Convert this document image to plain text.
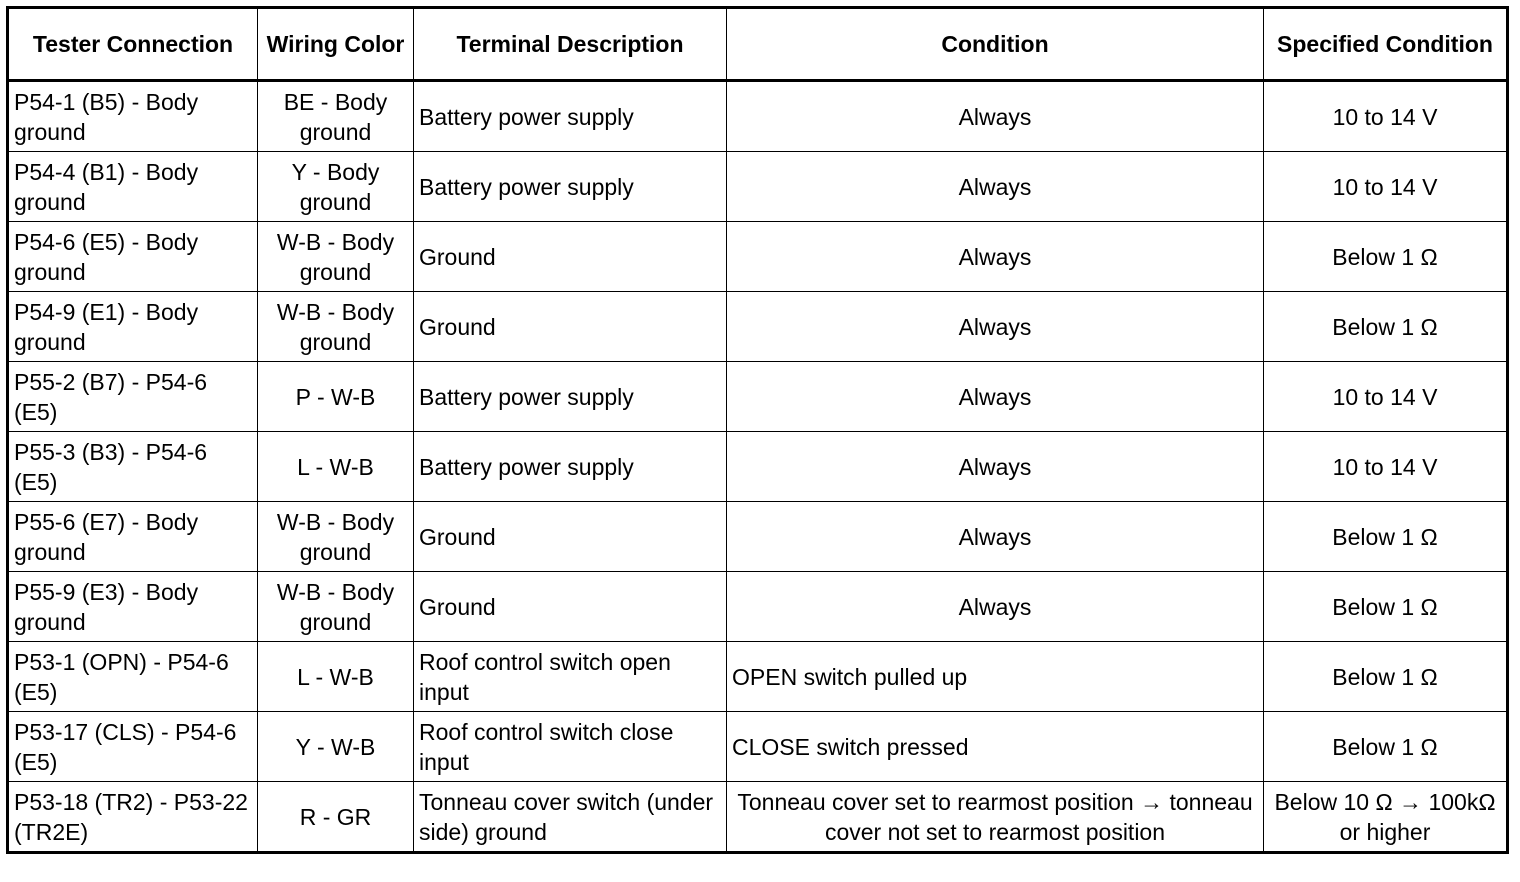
Tester Connection	Wiring Color	Terminal Description	Condition	Specified Condition
P54-1 (B5) - Body ground	BE - Body ground	Battery power supply	Always	10 to 14 V
P54-4 (B1) - Body ground	Y - Body ground	Battery power supply	Always	10 to 14 V
P54-6 (E5) - Body ground	W-B - Body ground	Ground	Always	Below 1 Ω
P54-9 (E1) - Body ground	W-B - Body ground	Ground	Always	Below 1 Ω
P55-2 (B7) - P54-6 (E5)	P - W-B	Battery power supply	Always	10 to 14 V
P55-3 (B3) - P54-6 (E5)	L - W-B	Battery power supply	Always	10 to 14 V
P55-6 (E7) - Body ground	W-B - Body ground	Ground	Always	Below 1 Ω
P55-9 (E3) - Body ground	W-B - Body ground	Ground	Always	Below 1 Ω
P53-1 (OPN) - P54-6 (E5)	L - W-B	Roof control switch open input	OPEN switch pulled up	Below 1 Ω
P53-17 (CLS) - P54-6 (E5)	Y - W-B	Roof control switch close input	CLOSE switch pressed	Below 1 Ω
P53-18 (TR2) - P53-22 (TR2E)	R - GR	Tonneau cover switch (under side) ground	Tonneau cover set to rearmost position → tonneau cover not set to rearmost position	Below 10 Ω → 100kΩ or higher
